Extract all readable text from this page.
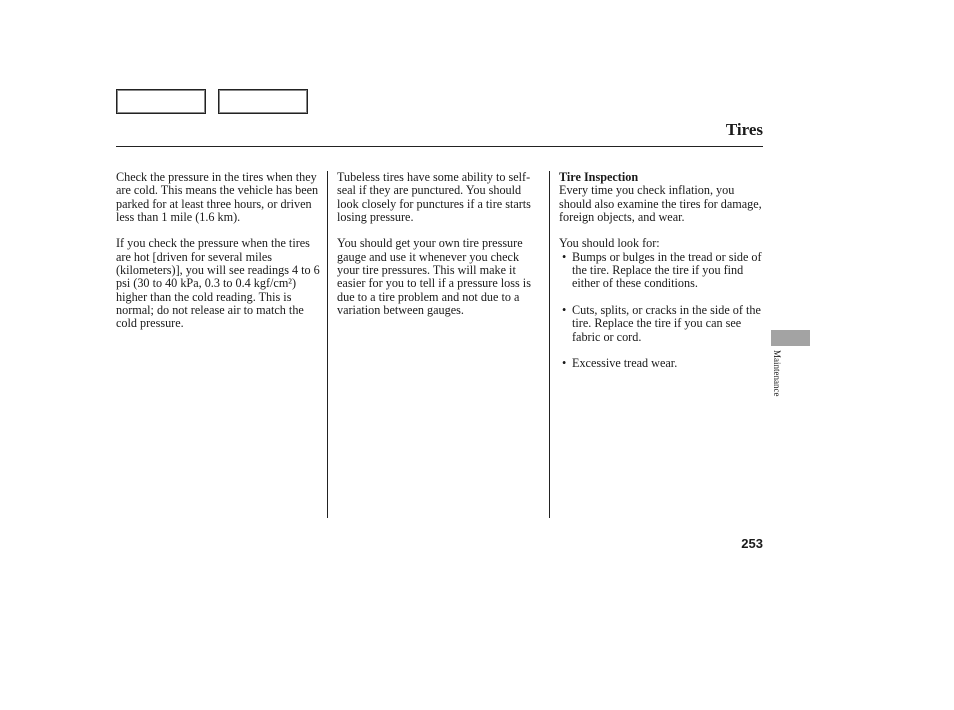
Tires

Check the pressure in the tires when they are cold. This means the vehicle has been parked for at least three hours, or driven less than 1 mile (1.6 km).

If you check the pressure when the tires are hot [driven for several miles (kilometers)], you will see readings 4 to 6 psi (30 to 40 kPa, 0.3 to 0.4 kgf/cm²) higher than the cold reading. This is normal; do not release air to match the cold pressure.

Tubeless tires have some ability to self-seal if they are punctured. You should look closely for punctures if a tire starts losing pressure.

You should get your own tire pressure gauge and use it whenever you check your tire pressures. This will make it easier for you to tell if a pressure loss is due to a tire problem and not due to a variation between gauges.

Tire Inspection

Every time you check inflation, you should also examine the tires for damage, foreign objects, and wear.

You should look for:
• Bumps or bulges in the tread or side of the tire. Replace the tire if you find either of these conditions.
• Cuts, splits, or cracks in the side of the tire. Replace the tire if you can see fabric or cord.
• Excessive tread wear.	Maintenance
253
